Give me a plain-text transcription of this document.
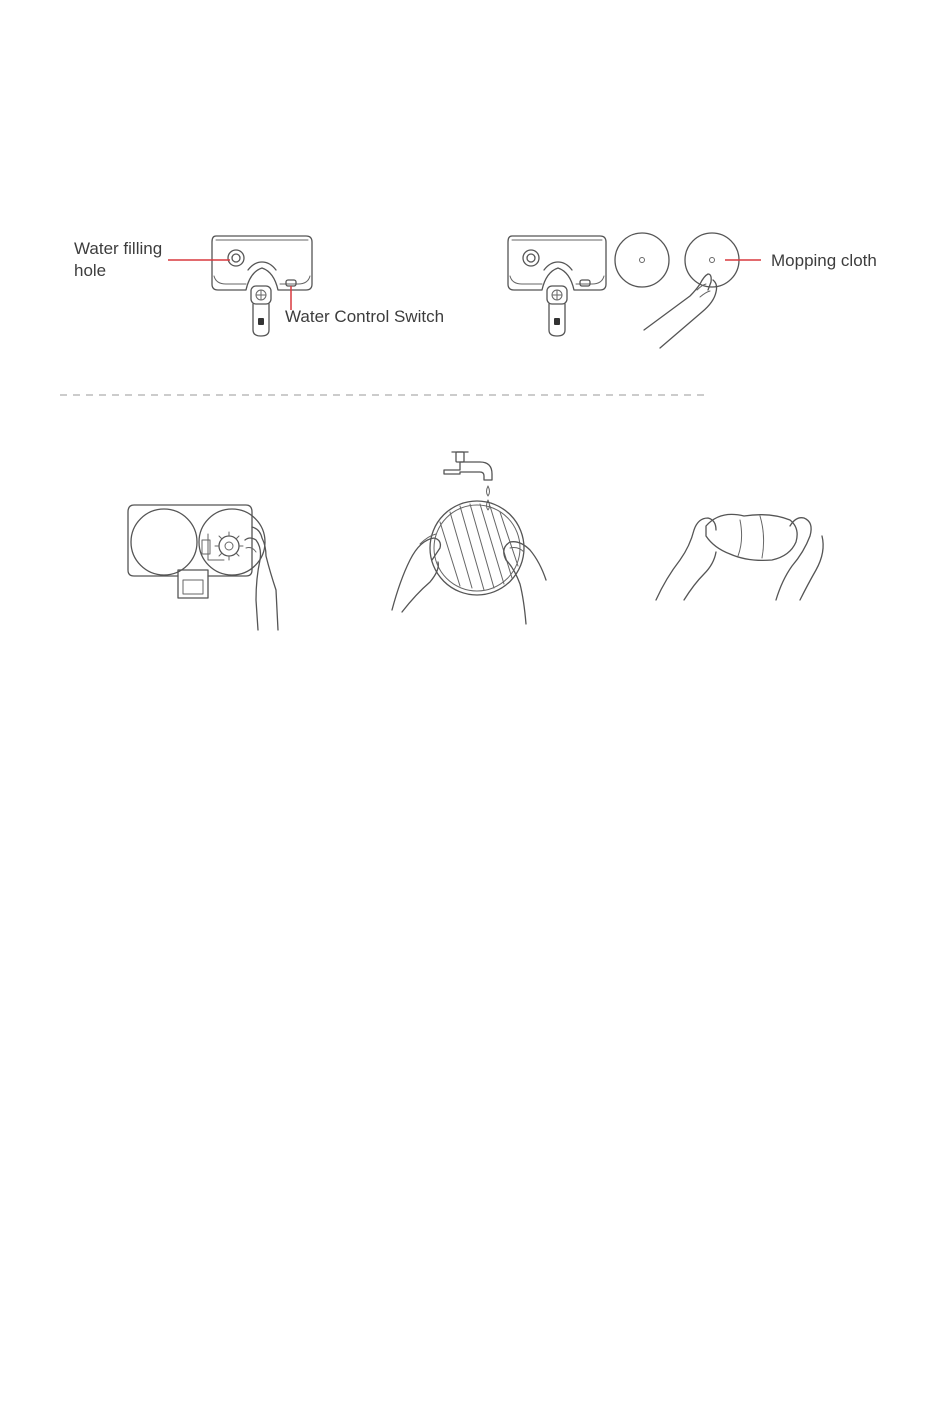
Water filling
hole
Water Control Switch
Mopping cloth
